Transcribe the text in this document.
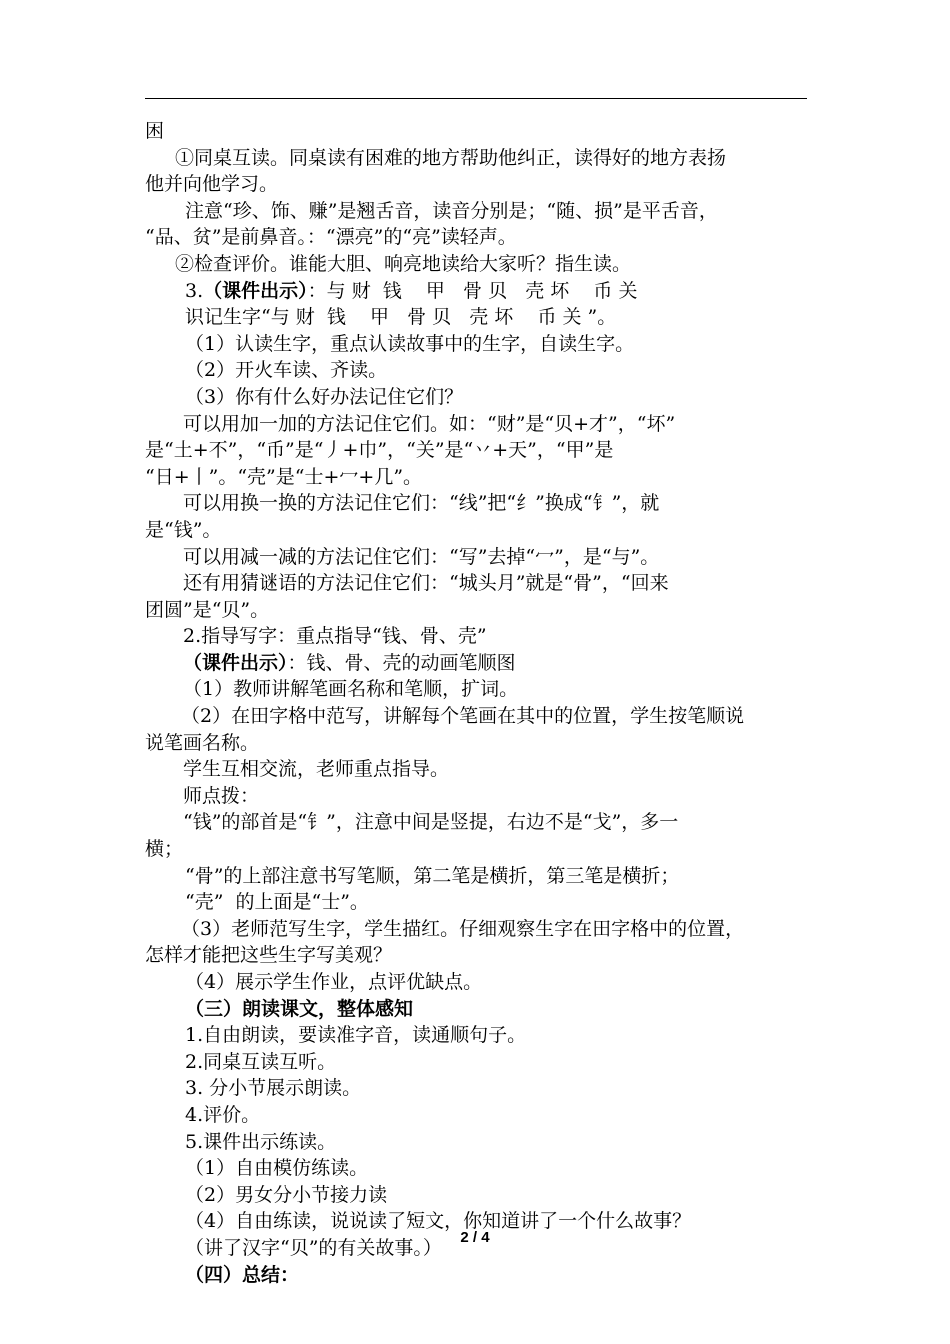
困
①同桌互读。同桌读有困难的地方帮助他纠正，读得好的地方表扬
他并向他学习。
注意“珍、饰、赚”是翘舌音，读音分别是；“随、损”是平舌音，
“品、贫”是前鼻音。：“漂亮”的“亮”读轻声。
②检查评价。谁能大胆、响亮地读给大家听？指生读。
3.（课件出示）：与 财  钱    甲   骨 贝   壳 坏    币 关
识记生字“与 财  钱    甲   骨 贝   壳 坏    币 关 ”。
（1）认读生字，重点认读故事中的生字，自读生字。
（2）开火车读、齐读。
（3）你有什么好办法记住它们？
可以用加一加的方法记住它们。如：“财”是“贝+才”，“坏”
是“土+不”，“币”是“丿+巾”，“关”是“丷+天”，“甲”是
“日+丨”。“壳”是“士+冖+几”。
可以用换一换的方法记住它们：“线”把“纟”换成“钅”，就
是“钱”。
可以用减一减的方法记住它们：“写”去掉“冖”，是“与”。
还有用猜谜语的方法记住它们：“城头月”就是“骨”，“回来
团圆”是“贝”。
2.指导写字：重点指导“钱、骨、壳”
（课件出示）：钱、骨、壳的动画笔顺图
（1）教师讲解笔画名称和笔顺，扩词。
（2）在田字格中范写，讲解每个笔画在其中的位置，学生按笔顺说
说笔画名称。
学生互相交流，老师重点指导。
师点拨：
“钱”的部首是“钅”，注意中间是竖提，右边不是“戈”，多一
横；
“骨”的上部注意书写笔顺，第二笔是横折，第三笔是横折；
“壳”  的上面是“士”。
（3）老师范写生字，学生描红。仔细观察生字在田字格中的位置，
怎样才能把这些生字写美观？
（4）展示学生作业，点评优缺点。
（三）朗读课文，整体感知
1.自由朗读，要读准字音，读通顺句子。
2.同桌互读互听。
3. 分小节展示朗读。
4.评价。
5.课件出示练读。
（1）自由模仿练读。
（2）男女分小节接力读
（4）自由练读，说说读了短文，你知道讲了一个什么故事？
（讲了汉字“贝”的有关故事。）
（四）总结：
2 / 4
